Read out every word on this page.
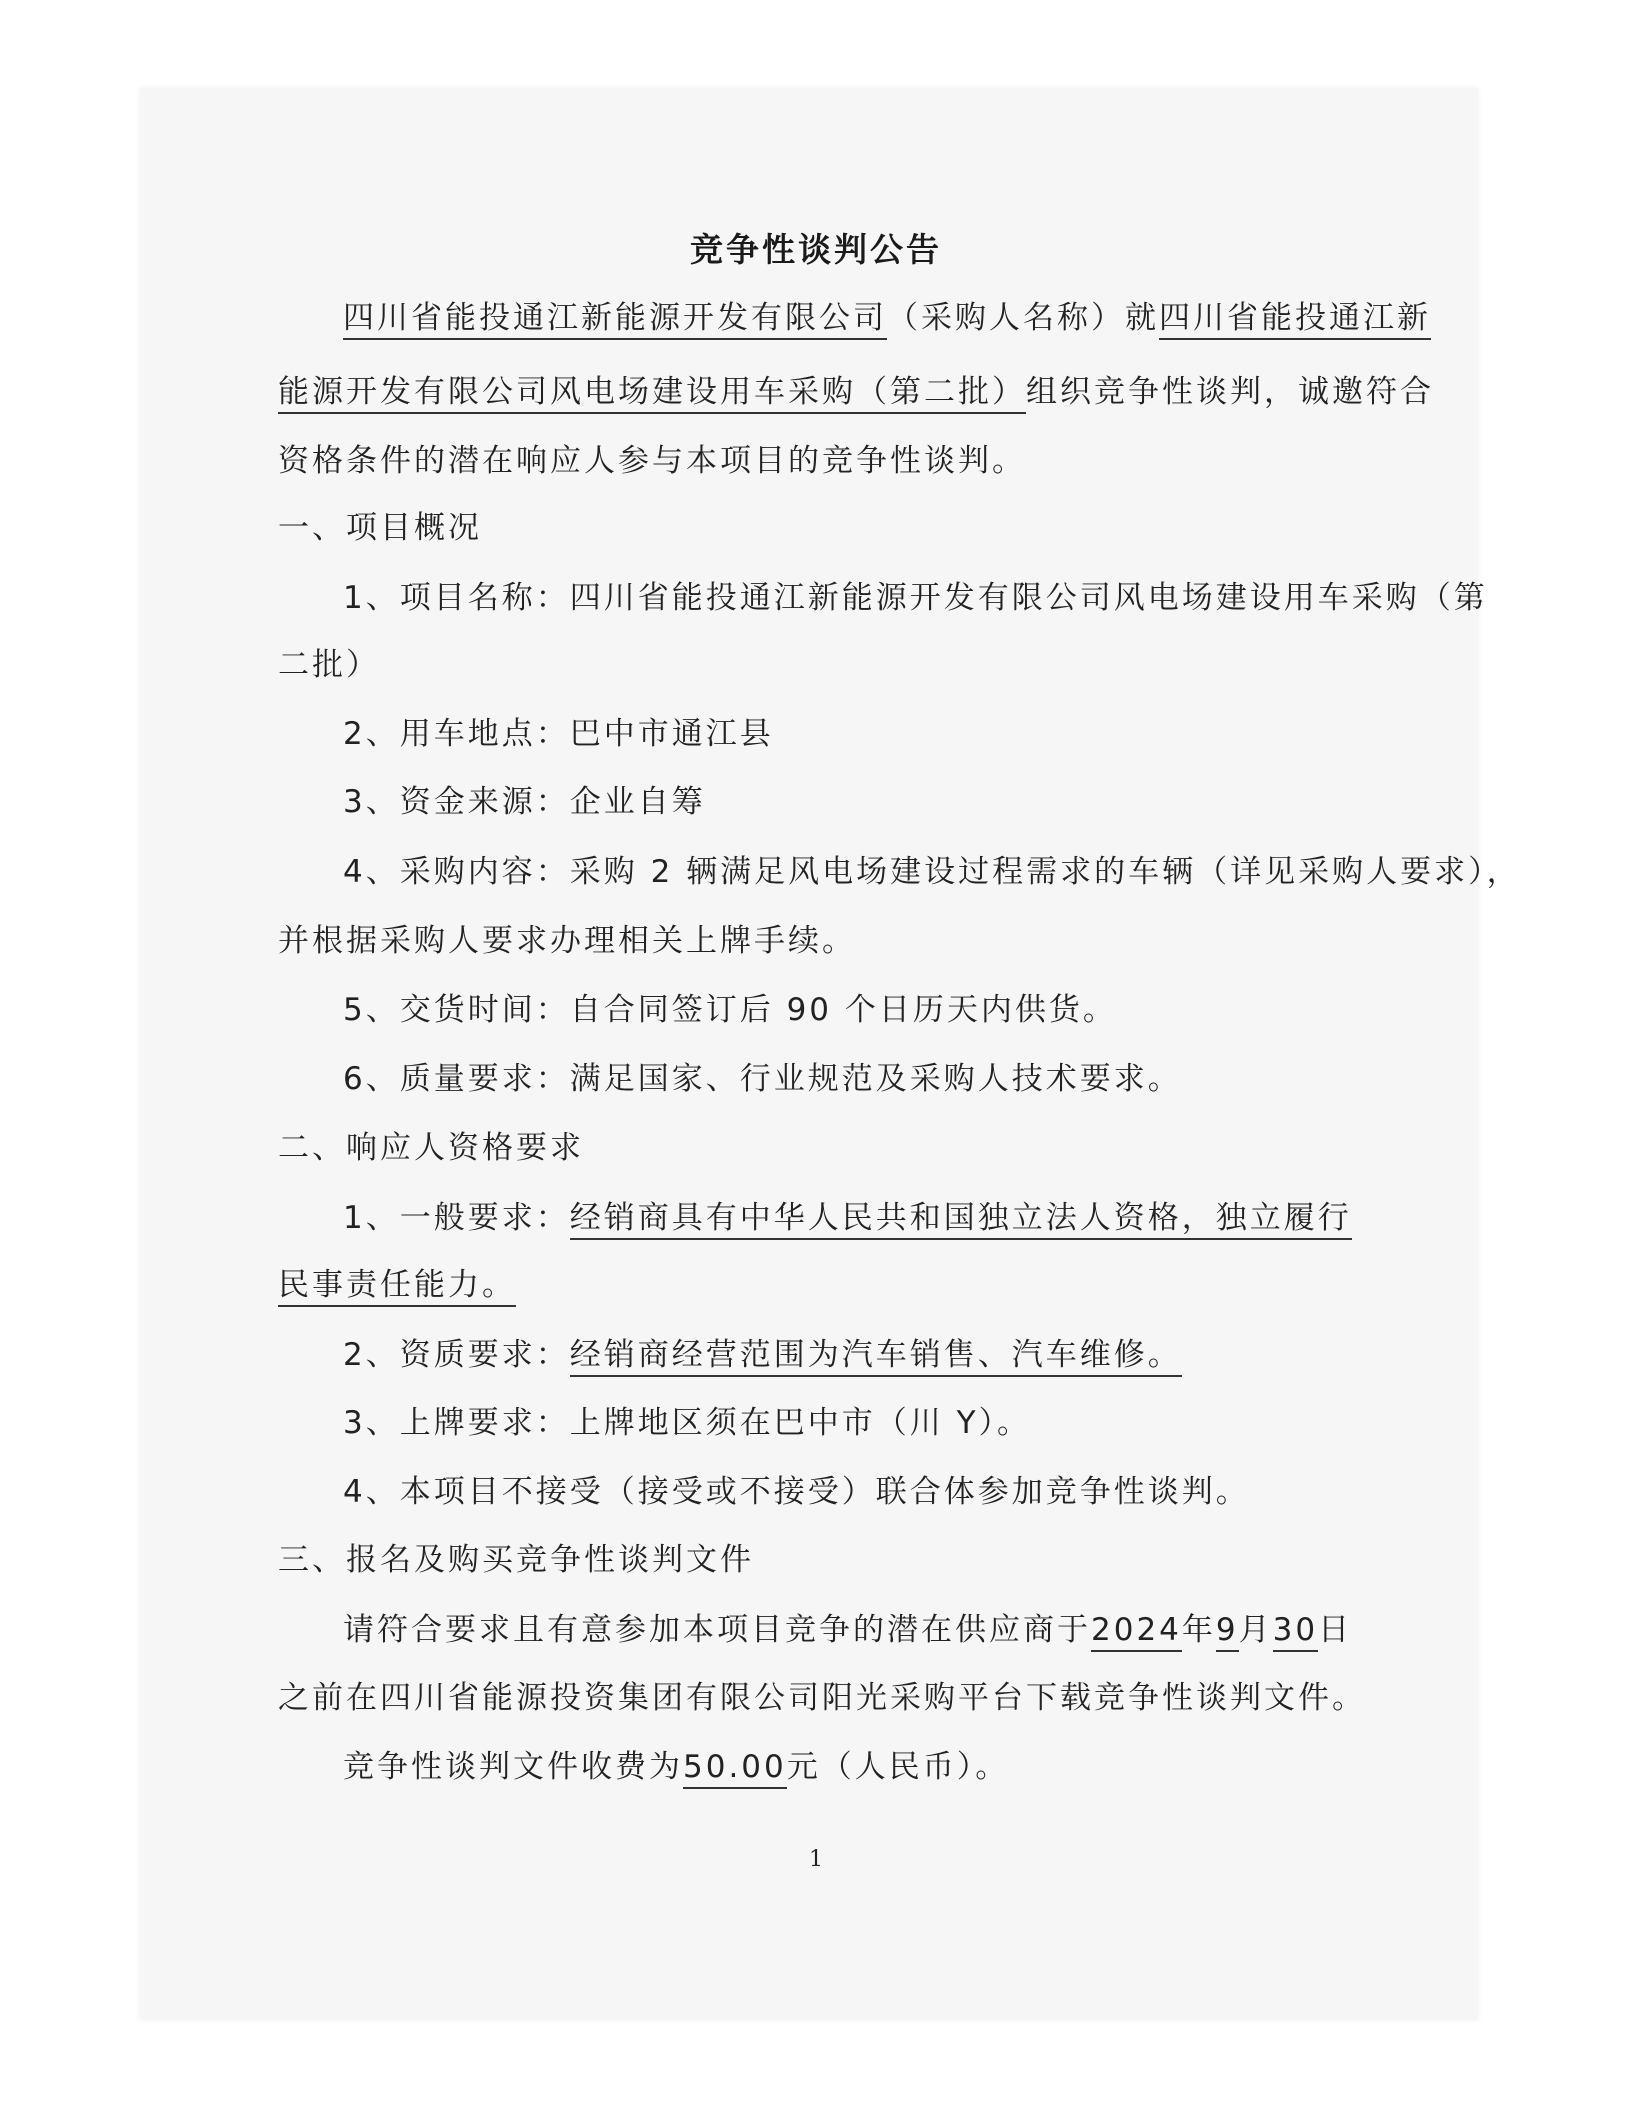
竞争性谈判公告
四川省能投通江新能源开发有限公司（采购人名称）就四川省能投通江新
能源开发有限公司风电场建设用车采购（第二批）组织竞争性谈判，诚邀符合
资格条件的潜在响应人参与本项目的竞争性谈判。
一、项目概况
1、项目名称：四川省能投通江新能源开发有限公司风电场建设用车采购（第
二批）
2、用车地点：巴中市通江县
3、资金来源：企业自筹
4、采购内容：采购 2 辆满足风电场建设过程需求的车辆（详见采购人要求），
并根据采购人要求办理相关上牌手续。
5、交货时间：自合同签订后 90 个日历天内供货。
6、质量要求：满足国家、行业规范及采购人技术要求。
二、响应人资格要求
1、一般要求：经销商具有中华人民共和国独立法人资格，独立履行
民事责任能力。
2、资质要求：经销商经营范围为汽车销售、汽车维修。
3、上牌要求：上牌地区须在巴中市（川 Y）。
4、本项目不接受（接受或不接受）联合体参加竞争性谈判。
三、报名及购买竞争性谈判文件
请符合要求且有意参加本项目竞争的潜在供应商于2024年9月30日
之前在四川省能源投资集团有限公司阳光采购平台下载竞争性谈判文件。
竞争性谈判文件收费为50.00元（人民币）。
1
